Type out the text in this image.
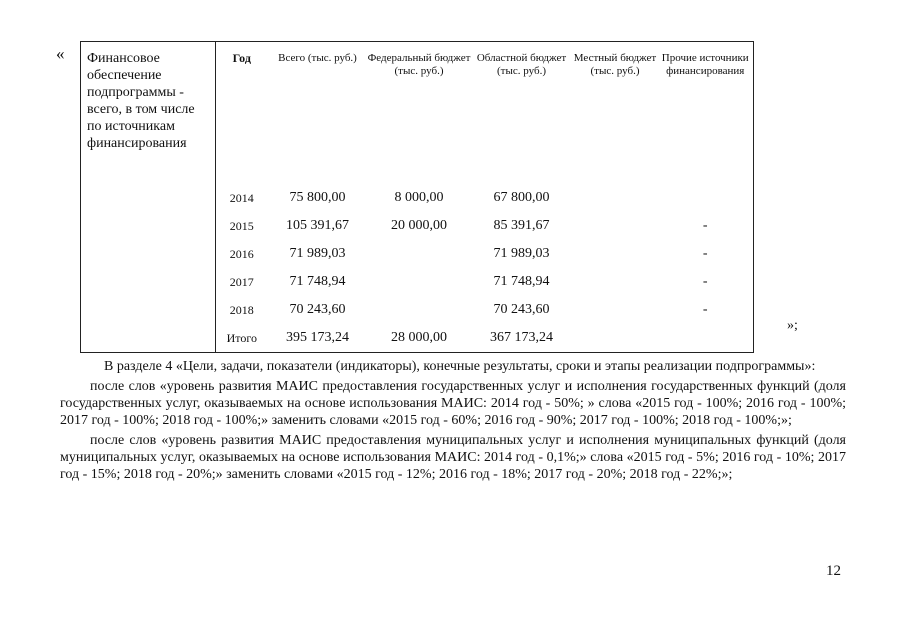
« Финансовое обеспечение подпрограммы - всего, в том числе по источникам финансирования	Год	Всего (тыс. руб.)	Федеральный бюджет (тыс. руб.)	Областной бюджет (тыс. руб.)	Местный бюджет (тыс. руб.)	Прочие источники финансирования
	2014	75 800,00	8 000,00	67 800,00		
	2015	105 391,67	20 000,00	85 391,67		-
	2016	71 989,03		71 989,03		-
	2017	71 748,94		71 748,94		-
	2018	70 243,60		70 243,60		-
	Итого	395 173,24	28 000,00	367 173,24		
»;

В разделе 4 «Цели, задачи, показатели (индикаторы), конечные результаты, сроки и этапы реализации подпрограммы»:

после слов «уровень развития МАИС предоставления государственных услуг и исполнения государственных функций (доля государственных услуг, оказываемых на основе использования МАИС: 2014 год - 50%; » слова «2015 год - 100%; 2016 год - 100%; 2017 год - 100%; 2018 год - 100%;» заменить словами «2015 год - 60%; 2016 год - 90%; 2017 год - 100%; 2018 год - 100%;»;

после слов «уровень развития МАИС предоставления муниципальных услуг и исполнения муниципальных функций (доля муниципальных услуг, оказываемых на основе использования МАИС: 2014 год - 0,1%;» слова «2015 год - 5%; 2016 год - 10%; 2017 год - 15%; 2018 год - 20%;» заменить словами «2015 год - 12%; 2016 год - 18%; 2017 год - 20%; 2018 год - 22%;»;

12
